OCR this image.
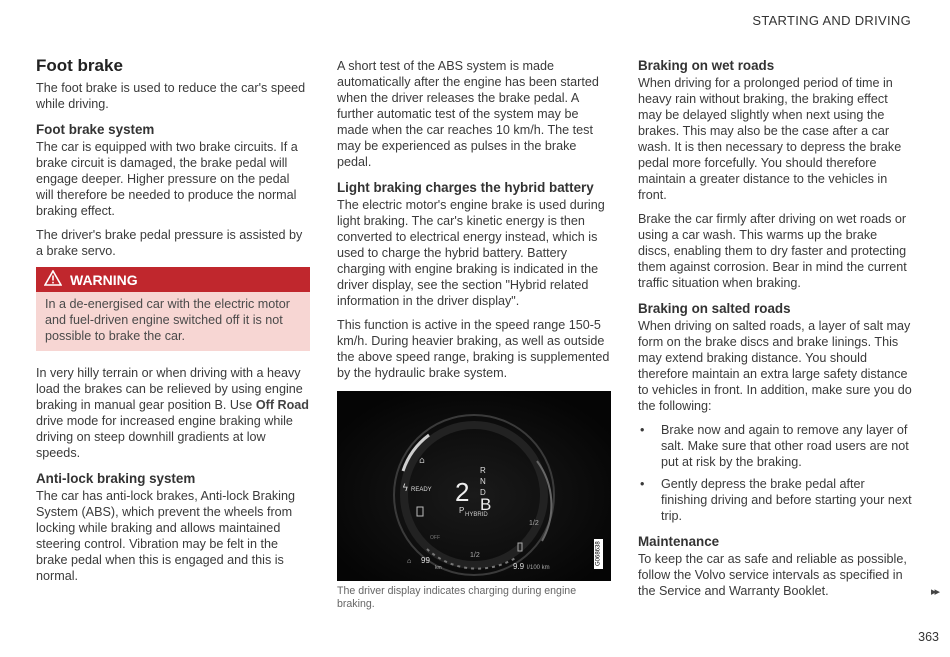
STARTING AND DRIVING
Foot brake

The foot brake is used to reduce the car's speed while driving.

Foot brake system

The car is equipped with two brake circuits. If a brake circuit is damaged, the brake pedal will engage deeper. Higher pressure on the pedal will therefore be needed to produce the normal braking effect.

The driver's brake pedal pressure is assisted by a brake servo.

WARNING
In a de-energised car with the electric motor and fuel-driven engine switched off it is not possible to brake the car.

In very hilly terrain or when driving with a heavy load the brakes can be relieved by using engine braking in manual gear position B. Use Off Road drive mode for increased engine braking while driving on steep downhill gradients at low speeds.

Anti-lock braking system

The car has anti-lock brakes, Anti-lock Braking System (ABS), which prevent the wheels from locking while braking and allows maintained steering control. Vibration may be felt in the brake pedal when this is engaged and this is normal.

A short test of the ABS system is made automatically after the engine has been started when the driver releases the brake pedal. A further automatic test of the system may be made when the car reaches 10 km/h. The test may be experienced as pulses in the brake pedal.

Light braking charges the hybrid battery

The electric motor's engine brake is used during light braking. The car's kinetic energy is then converted to electrical energy instead, which is used to charge the hybrid battery. Battery charging with engine braking is indicated in the driver display, see the section "Hybrid related information in the driver display".

This function is active in the speed range 150-5 km/h. During heavier braking, as well as outside the above speed range, braking is supplemented by the hydraulic brake system.

ϟ
⌂
READY 2
R
N
D
P B
HYBRID
OFF
1/2
1/2
⌂ 99
km	9.9 l/100 km
G068638
The driver display indicates charging during engine braking.
Braking on wet roads

When driving for a prolonged period of time in heavy rain without braking, the braking effect may be delayed slightly when next using the brakes. This may also be the case after a car wash. It is then necessary to depress the brake pedal more forcefully. You should therefore maintain a greater distance to the vehicles in front.

Brake the car firmly after driving on wet roads or using a car wash. This warms up the brake discs, enabling them to dry faster and protecting them against corrosion. Bear in mind the current traffic situation when braking.

Braking on salted roads

When driving on salted roads, a layer of salt may form on the brake discs and brake linings. This may extend braking distance. You should therefore maintain an extra large safety distance to vehicles in front. In addition, make sure you do the following:

• Brake now and again to remove any layer of salt. Make sure that other road users are not put at risk by the braking.
• Gently depress the brake pedal after finishing driving and before starting your next trip.
Maintenance

To keep the car as safe and reliable as possible, follow the Volvo service intervals as specified in the Service and Warranty Booklet.	▸▸
363
